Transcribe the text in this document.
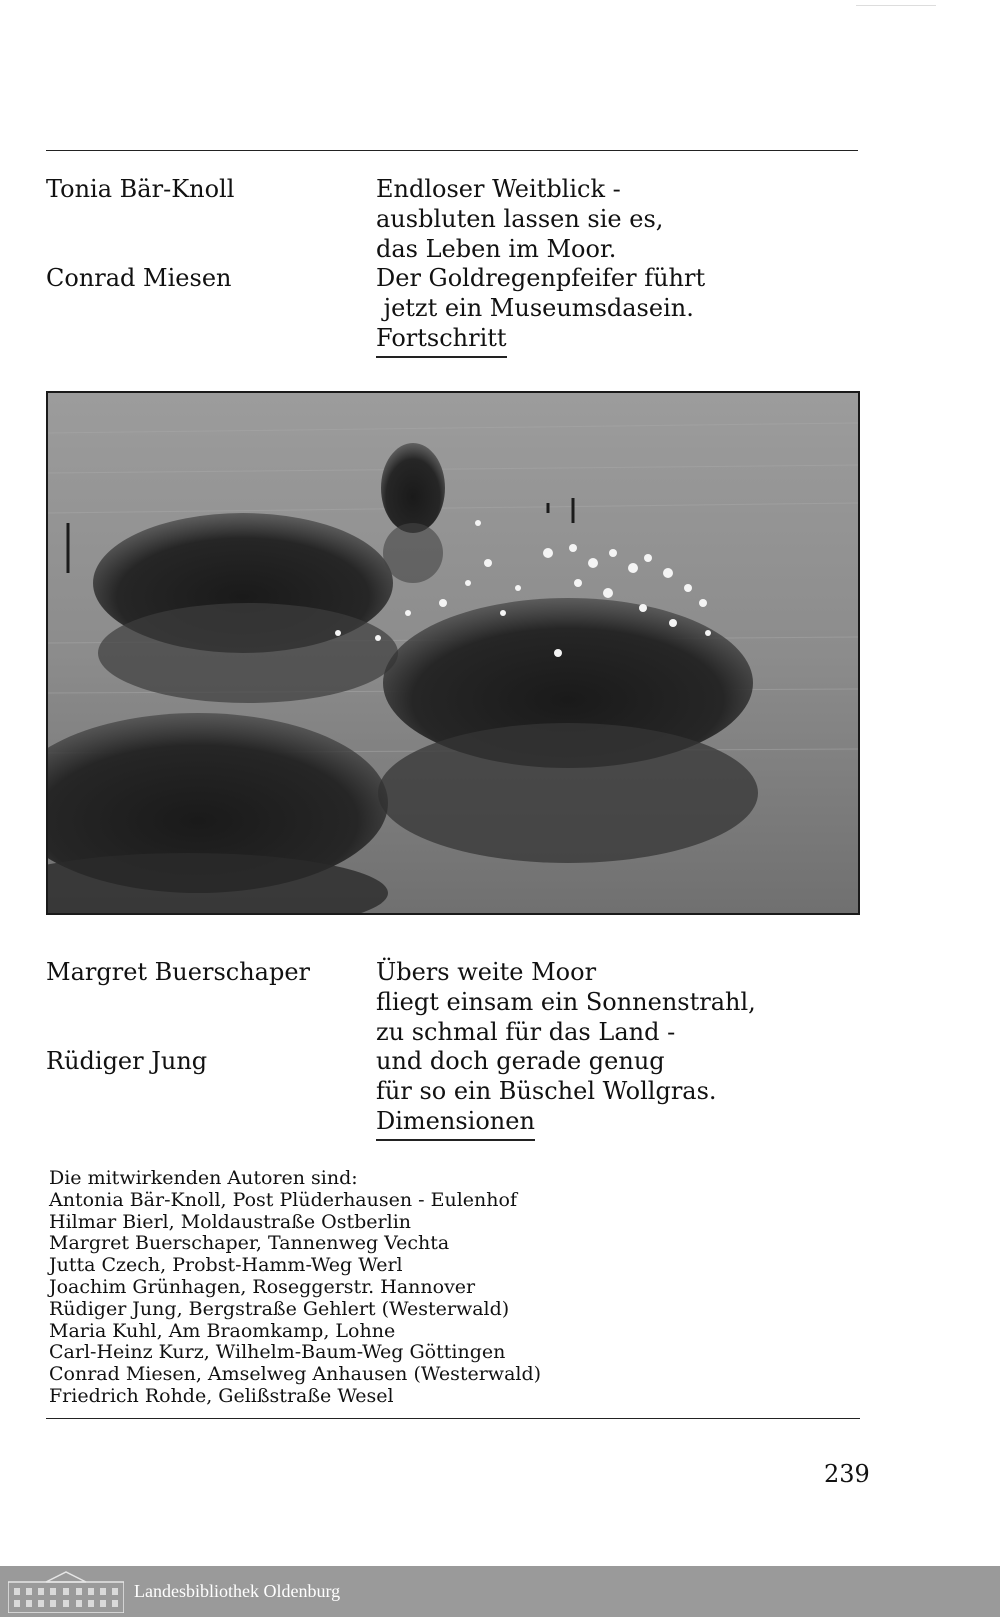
Tonia Bär-Knoll
Conrad Miesen
Endloser Weitblick -
ausbluten lassen sie es,
das Leben im Moor.
Der Goldregenpfeifer führt
jetzt ein Museumsdasein.
Fortschritt
Margret Buerschaper
Rüdiger Jung
Übers weite Moor
fliegt einsam ein Sonnenstrahl,
zu schmal für das Land -
und doch gerade genug
für so ein Büschel Wollgras.
Dimensionen
Die mitwirkenden Autoren sind:
Antonia Bär-Knoll, Post Plüderhausen - Eulenhof
Hilmar Bierl, Moldaustraße Ostberlin
Margret Buerschaper, Tannenweg Vechta
Jutta Czech, Probst-Hamm-Weg Werl
Joachim Grünhagen, Roseggerstr. Hannover
Rüdiger Jung, Bergstraße Gehlert (Westerwald)
Maria Kuhl, Am Braomkamp, Lohne
Carl-Heinz Kurz, Wilhelm-Baum-Weg Göttingen
Conrad Miesen, Amselweg Anhausen (Westerwald)
Friedrich Rohde, Gelißstraße Wesel
239
Landesbibliothek Oldenburg
